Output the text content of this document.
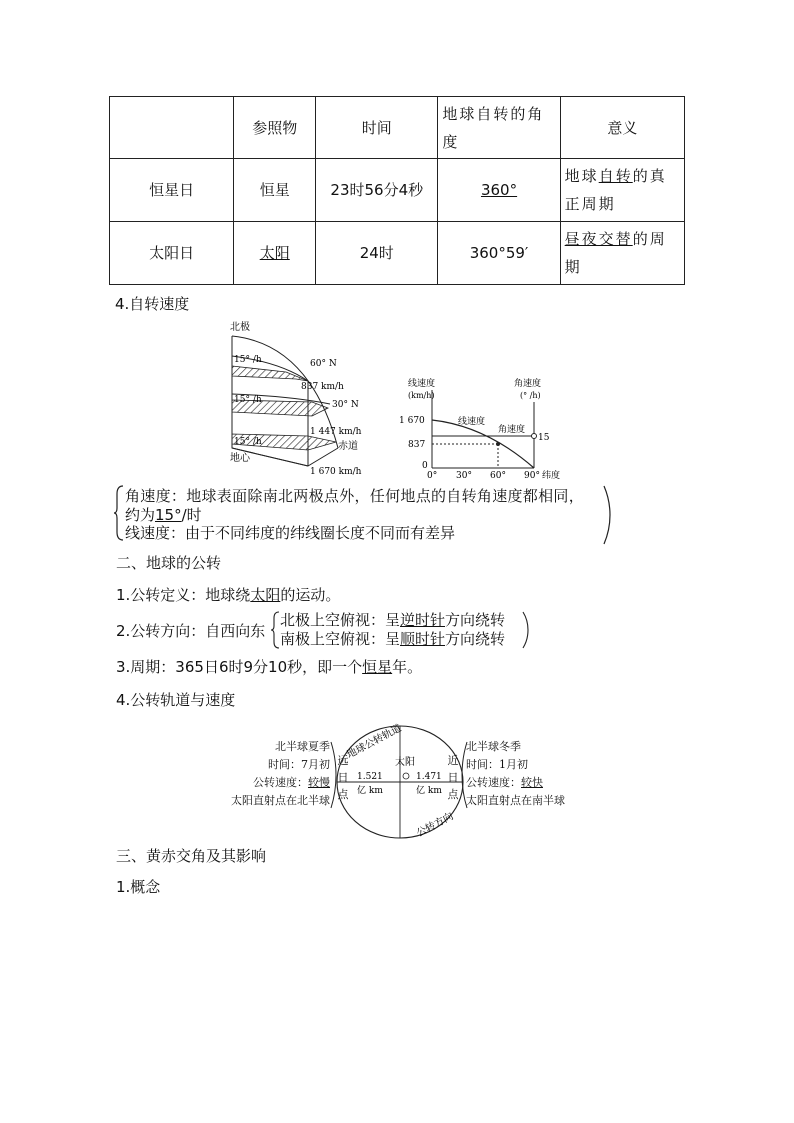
	参照物	时间	地球自转的角度	意义
恒星日	恒星	23时56分4秒	360°	地球自转的真正周期
太阳日	太阳	24时	360°59′	昼夜交替的周期
4.自转速度
北极
地心
15° /h
15° /h
15° /h
60° N
30° N
赤道
837 km/h
1 447 km/h
1 670 km/h
线速度
(km/h)
角速度
(° /h)
线速度
角速度
1 670
837
0
0° 30° 60° 90° 纬度
15
角速度：地球表面除南北两极点外，任何地点的自转角速度都相同，
约为15°/时
线速度：由于不同纬度的纬线圈长度不同而有差异
二、地球的公转
1.公转定义：地球绕太阳的运动。
2.公转方向：自西向东
北极上空俯视：呈逆时针方向绕转
南极上空俯视：呈顺时针方向绕转
3.周期：365日6时9分10秒，即一个恒星年。
4.公转轨道与速度
北半球夏季
时间：7月初
公转速度：较慢
太阳直射点在北半球
太阳
1.521
亿 km
1.471
亿 km
地球公转轨道
公转方向
远日点
近日点
北半球冬季
时间：1月初
公转速度：较快
太阳直射点在南半球
三、黄赤交角及其影响
1.概念
